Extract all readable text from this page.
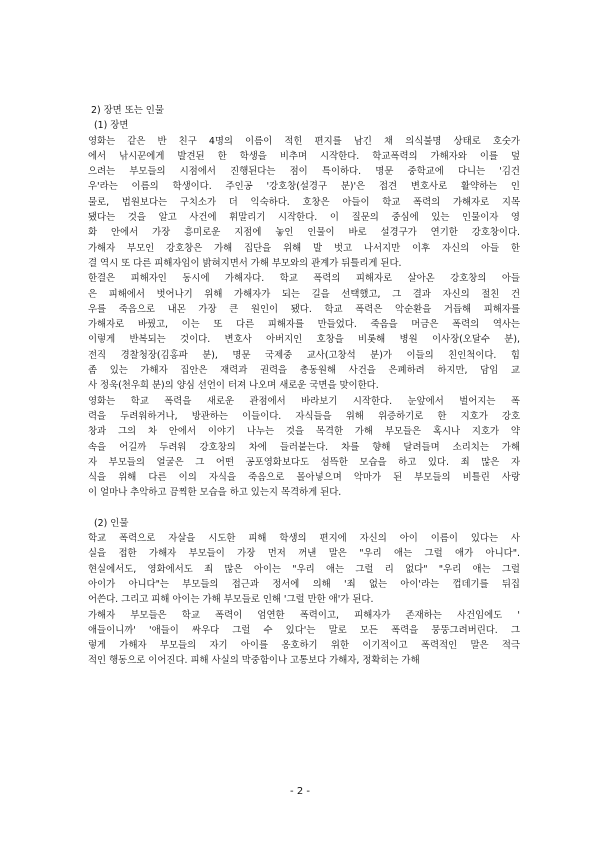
2) 장면 또는 인물
(1) 장면
영화는 같은 반 친구 4명의 이름이 적힌 편지를 남긴 채 의식불명 상태로 호숫가
에서 낚시꾼에게 발견된 한 학생을 비추며 시작한다. 학교폭력의 가해자와 이를 덮
으려는 부모들의 시점에서 진행된다는 점이 특이하다. 명문 중학교에 다니는 '김건
우'라는 이름의 학생이다. 주인공 '강호창(설경구 분)'은 접견 변호사로 활약하는 인
물로, 법원보다는 구치소가 더 익숙하다. 호창은 아들이 학교 폭력의 가해자로 지목
됐다는 것을 알고 사건에 휘말리기 시작한다. 이 질문의 중심에 있는 인물이자 영
화 안에서 가장 흥미로운 지점에 놓인 인물이 바로 설경구가 연기한 강호창이다.
가해자 부모인 강호창은 가해 집단을 위해 발 벗고 나서지만 이후 자신의 아들 한
결 역시 또 다른 피해자임이 밝혀지면서 가해 부모와의 관계가 뒤틀리게 된다.
한결은 피해자인 동시에 가해자다. 학교 폭력의 피해자로 살아온 강호창의 아들
은 피해에서 벗어나기 위해 가해자가 되는 길을 선택했고, 그 결과 자신의 절친 건
우를 죽음으로 내몬 가장 큰 원인이 됐다. 학교 폭력은 악순환을 거듭해 피해자를
가해자로 바꿨고, 이는 또 다른 피해자를 만들었다. 죽음을 머금은 폭력의 역사는
이렇게 반복되는 것이다. 변호사 아버지인 호창을 비롯해 병원 이사장(오달수 분),
전직 경찰청장(김홍파 분), 명문 국제중 교사(고창석 분)가 이들의 친인척이다. 힘
좀 있는 가해자 집안은 재력과 권력을 총동원해 사건을 은폐하려 하지만, 담임 교
사 정욱(천우희 분)의 양심 선언이 터져 나오며 새로운 국면을 맞이한다.
영화는 학교 폭력을 새로운 관점에서 바라보기 시작한다. 눈앞에서 벌어지는 폭
력을 두려워하거나, 방관하는 이들이다. 자식들을 위해 위증하기로 한 지호가 강호
창과 그의 차 안에서 이야기 나누는 것을 목격한 가해 부모들은 혹시나 지호가 약
속을 어길까 두려워 강호창의 차에 들러붙는다. 차를 향해 달려들며 소리치는 가해
자 부모들의 얼굴은 그 어떤 공포영화보다도 섬뜩한 모습을 하고 있다. 죄 많은 자
식을 위해 다른 이의 자식을 죽음으로 몰아넣으며 악마가 된 부모들의 비틀린 사랑
이 얼마나 추악하고 끔찍한 모습을 하고 있는지 목격하게 된다.
(2) 인물
학교 폭력으로 자살을 시도한 피해 학생의 편지에 자신의 아이 이름이 있다는 사
실을 접한 가해자 부모들이 가장 먼저 꺼낸 말은 "우리 애는 그럴 애가 아니다".
현실에서도, 영화에서도 죄 많은 아이는 "우리 애는 그럴 리 없다" "우리 애는 그럴
아이가 아니다"는 부모들의 접근과 정서에 의해 '죄 없는 아이'라는 껍데기를 뒤집
어쓴다. 그리고 피해 아이는 가해 부모들로 인해 '그럴 만한 애'가 된다.
가해자 부모들은 학교 폭력이 엄연한 폭력이고, 피해자가 존재하는 사건임에도 '
애들이니까' '애들이 싸우다 그럴 수 있다'는 말로 모든 폭력을 뭉뚱그려버린다. 그
렇게 가해자 부모들의 자기 아이를 옹호하기 위한 이기적이고 폭력적인 말은 적극
적인 행동으로 이어진다. 피해 사실의 막중함이나 고통보다 가해자, 정확히는 가해
- 2 -
